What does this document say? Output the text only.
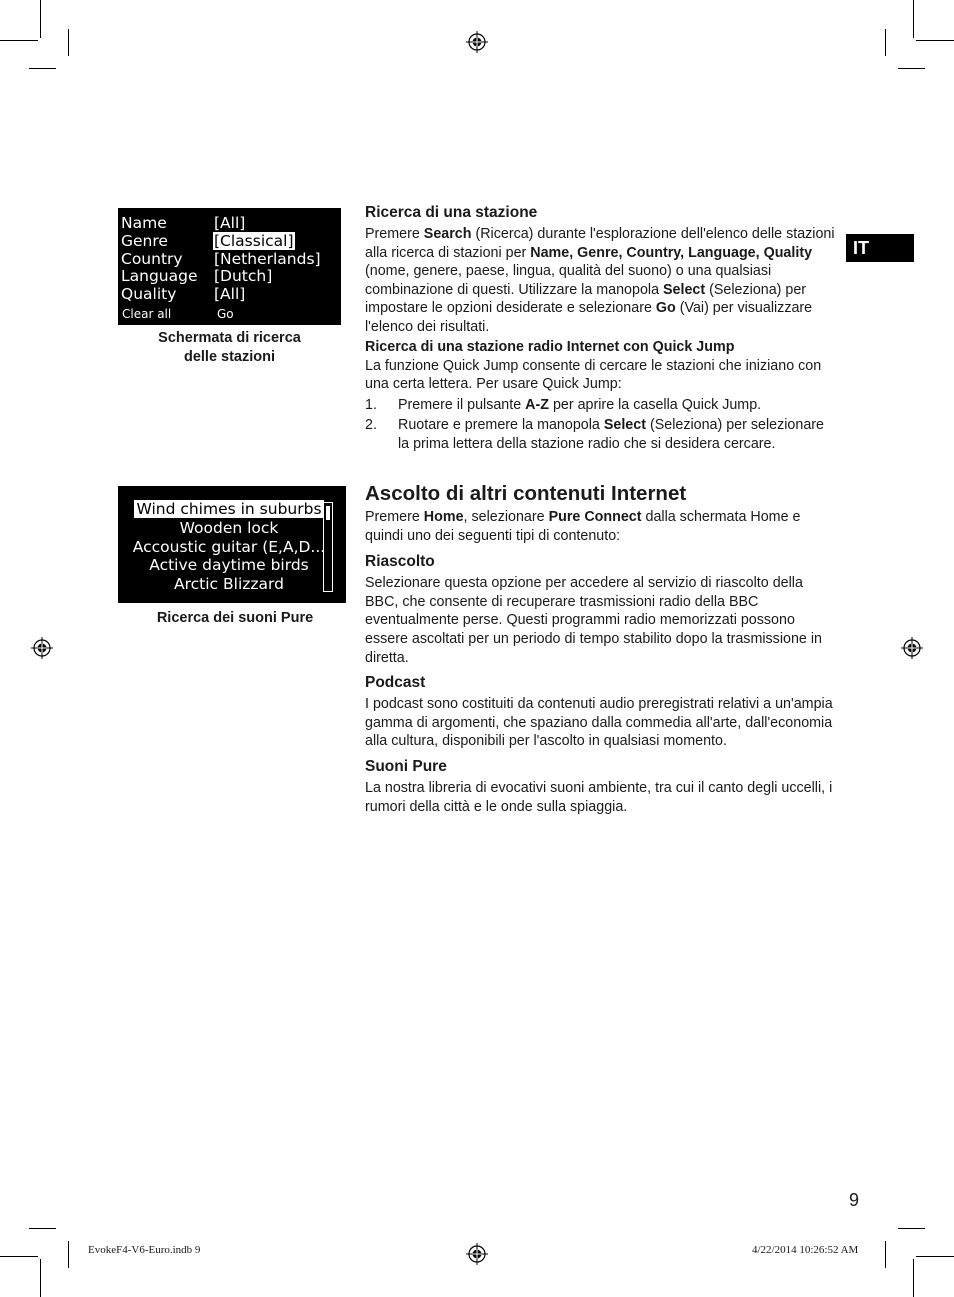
IT
Name	[All]
Genre	[Classical]
Country [Netherlands]
Language [Dutch]
Quality [All]
Clear all	Go
Schermata di ricerca
delle stazioni
Wind chimes in suburbs
Wooden lock
Accoustic guitar (E,A,D...
Active daytime birds
Arctic Blizzard
Ricerca dei suoni Pure
Ricerca di una stazione

Premere Search (Ricerca) durante l'esplorazione dell'elenco delle stazioni alla ricerca di stazioni per Name, Genre, Country, Language, Quality (nome, genere, paese, lingua, qualità del suono) o una qualsiasi combinazione di questi. Utilizzare la manopola Select (Seleziona) per impostare le opzioni desiderate e selezionare Go (Vai) per visualizzare l'elenco dei risultati.

Ricerca di una stazione radio Internet con Quick Jump

La funzione Quick Jump consente di cercare le stazioni che iniziano con una certa lettera. Per usare Quick Jump:

1. Premere il pulsante A-Z per aprire la casella Quick Jump.
2. Ruotare e premere la manopola Select (Seleziona) per selezionare la prima lettera della stazione radio che si desidera cercare.
Ascolto di altri contenuti Internet

Premere Home, selezionare Pure Connect dalla schermata Home e quindi uno dei seguenti tipi di contenuto:

Riascolto

Selezionare questa opzione per accedere al servizio di riascolto della BBC, che consente di recuperare trasmissioni radio della BBC eventualmente perse. Questi programmi radio memorizzati possono essere ascoltati per un periodo di tempo stabilito dopo la trasmissione in diretta.

Podcast

I podcast sono costituiti da contenuti audio preregistrati relativi a un'ampia gamma di argomenti, che spaziano dalla commedia all'arte, dall'economia alla cultura, disponibili per l'ascolto in qualsiasi momento.

Suoni Pure

La nostra libreria di evocativi suoni ambiente, tra cui il canto degli uccelli, i rumori della città e le onde sulla spiaggia.

9
EvokeF4-V6-Euro.indb 9	4/22/2014 10:26:52 AM
